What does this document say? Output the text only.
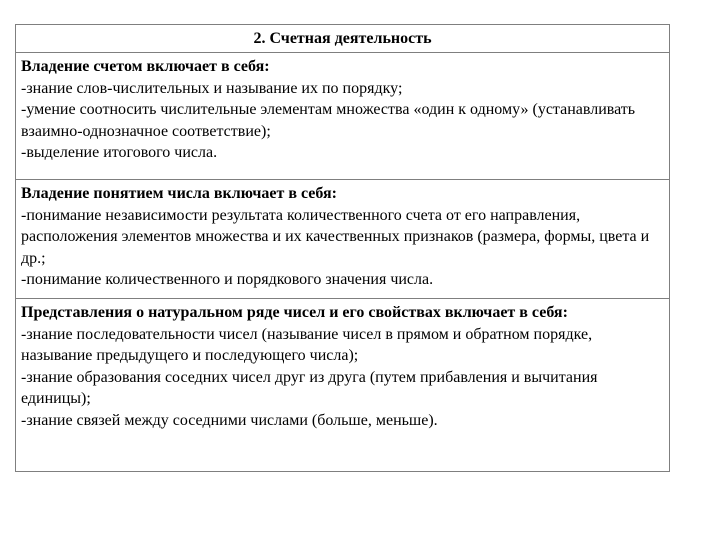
2. Счетная деятельность

Владение счетом включает в себя:
-знание слов-числительных и называние их по порядку;
-умение соотносить числительные элементам множества «один к одному» (устанавливать взаимно-однозначное соответствие);
-выделение итогового числа.

Владение понятием числа включает в себя:
-понимание независимости результата количественного счета от его направления, расположения элементов множества и их качественных признаков (размера, формы, цвета и др.;
-понимание количественного и порядкового значения числа.

Представления о натуральном ряде чисел и его свойствах включает в себя:
-знание последовательности чисел (называние чисел в прямом и обратном порядке, называние предыдущего и последующего числа);
-знание образования соседних чисел друг из друга (путем прибавления и вычитания единицы);
-знание связей между соседними числами (больше, меньше).
